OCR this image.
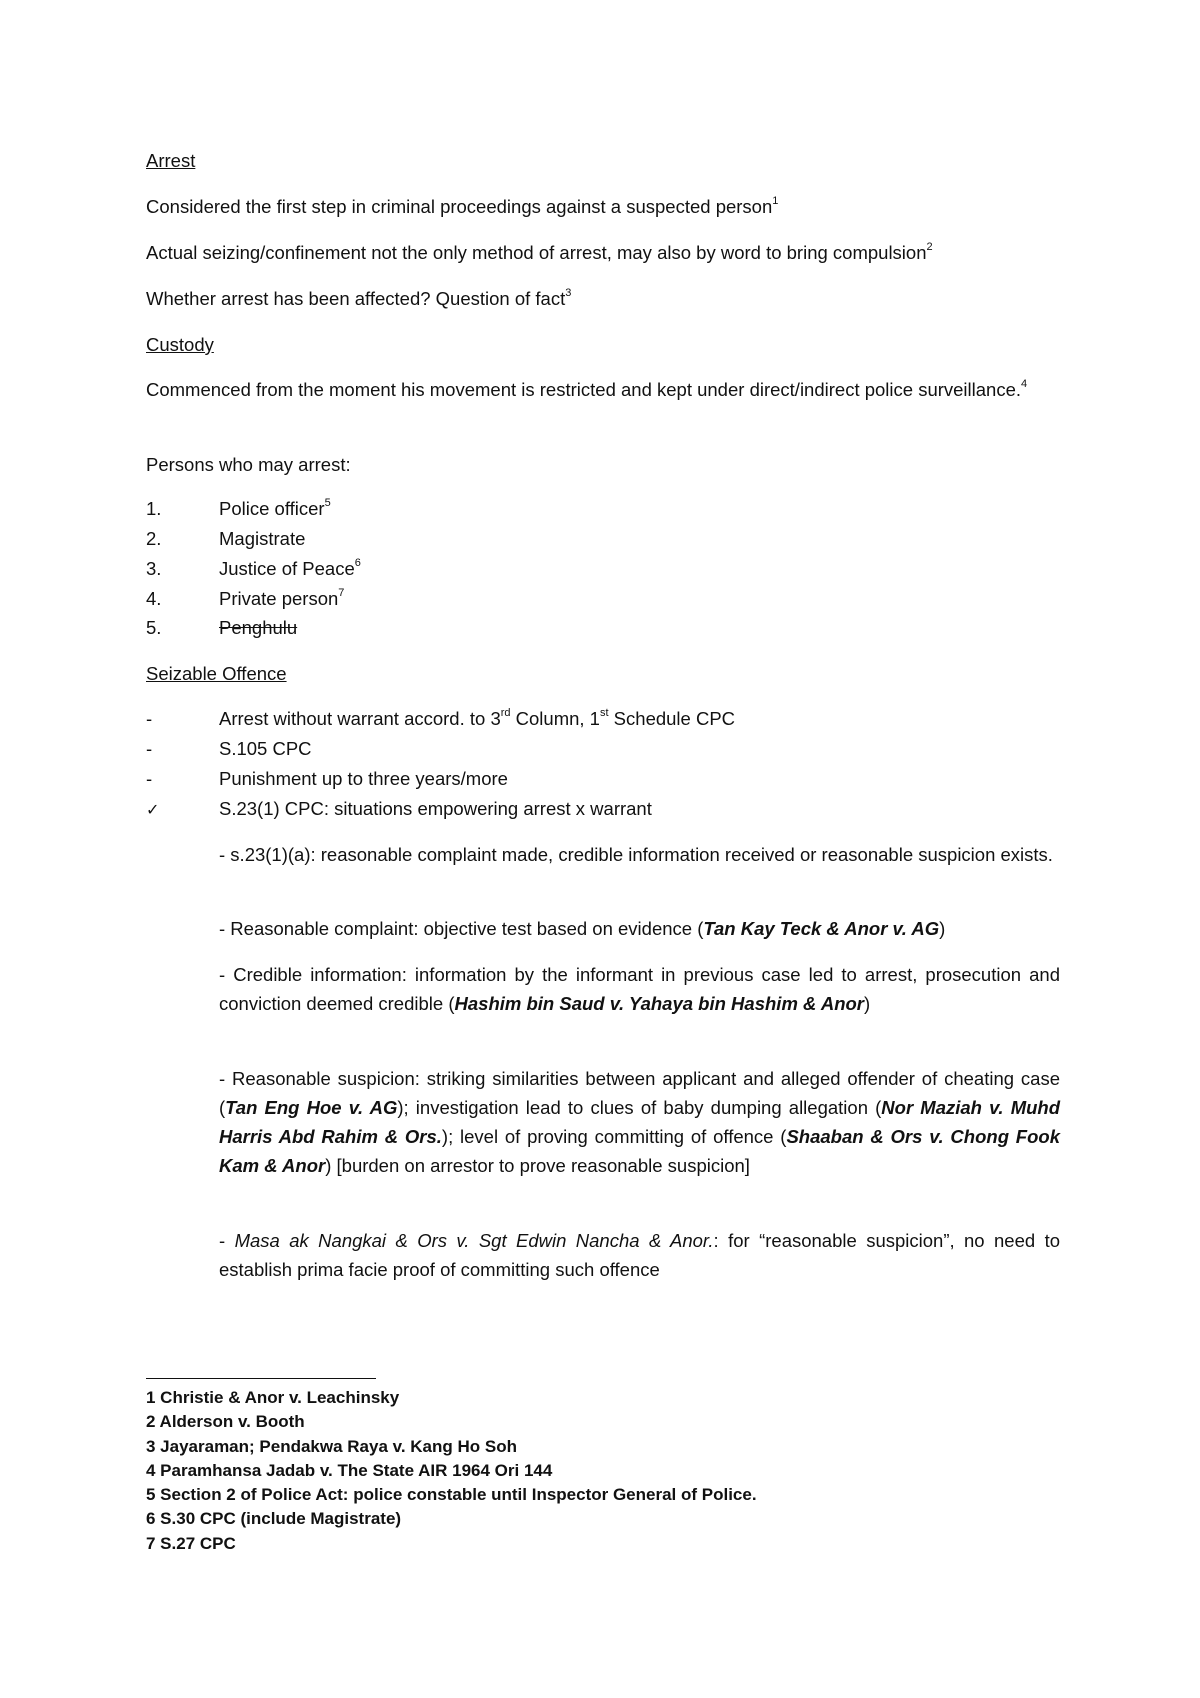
Arrest
Considered the first step in criminal proceedings against a suspected person$^1$
Actual seizing/confinement not the only method of arrest, may also by word to bring compulsion$^2$
Whether arrest has been affected? Question of fact$^3$
Custody
Commenced from the moment his movement is restricted and kept under direct/indirect police surveillance.$^4$
Persons who may arrest:
1.	Police officer$^5$
2.	Magistrate
3.	Justice of Peace$^6$
4.	Private person$^7$
5.	Penghulu
Seizable Offence
-	Arrest without warrant accord. to 3rd Column, 1st Schedule CPC
-	S.105 CPC
-	Punishment up to three years/more
✓	S.23(1) CPC: situations empowering arrest x warrant
- s.23(1)(a): reasonable complaint made, credible information received or reasonable suspicion exists.
- Reasonable complaint: objective test based on evidence (Tan Kay Teck & Anor v. AG)
- Credible information: information by the informant in previous case led to arrest, prosecution and conviction deemed credible (Hashim bin Saud v. Yahaya bin Hashim & Anor)
- Reasonable suspicion: striking similarities between applicant and alleged offender of cheating case (Tan Eng Hoe v. AG); investigation lead to clues of baby dumping allegation (Nor Maziah v. Muhd Harris Abd Rahim & Ors.); level of proving committing of offence (Shaaban & Ors v. Chong Fook Kam & Anor) [burden on arrestor to prove reasonable suspicion]
- Masa ak Nangkai & Ors v. Sgt Edwin Nancha & Anor.: for “reasonable suspicion”, no need to establish prima facie proof of committing such offence
1 Christie & Anor v. Leachinsky
2 Alderson v. Booth
3 Jayaraman; Pendakwa Raya v. Kang Ho Soh
4 Paramhansa Jadab v. The State AIR 1964 Ori 144
5 Section 2 of Police Act: police constable until Inspector General of Police.
6 S.30 CPC (include Magistrate)
7 S.27 CPC
